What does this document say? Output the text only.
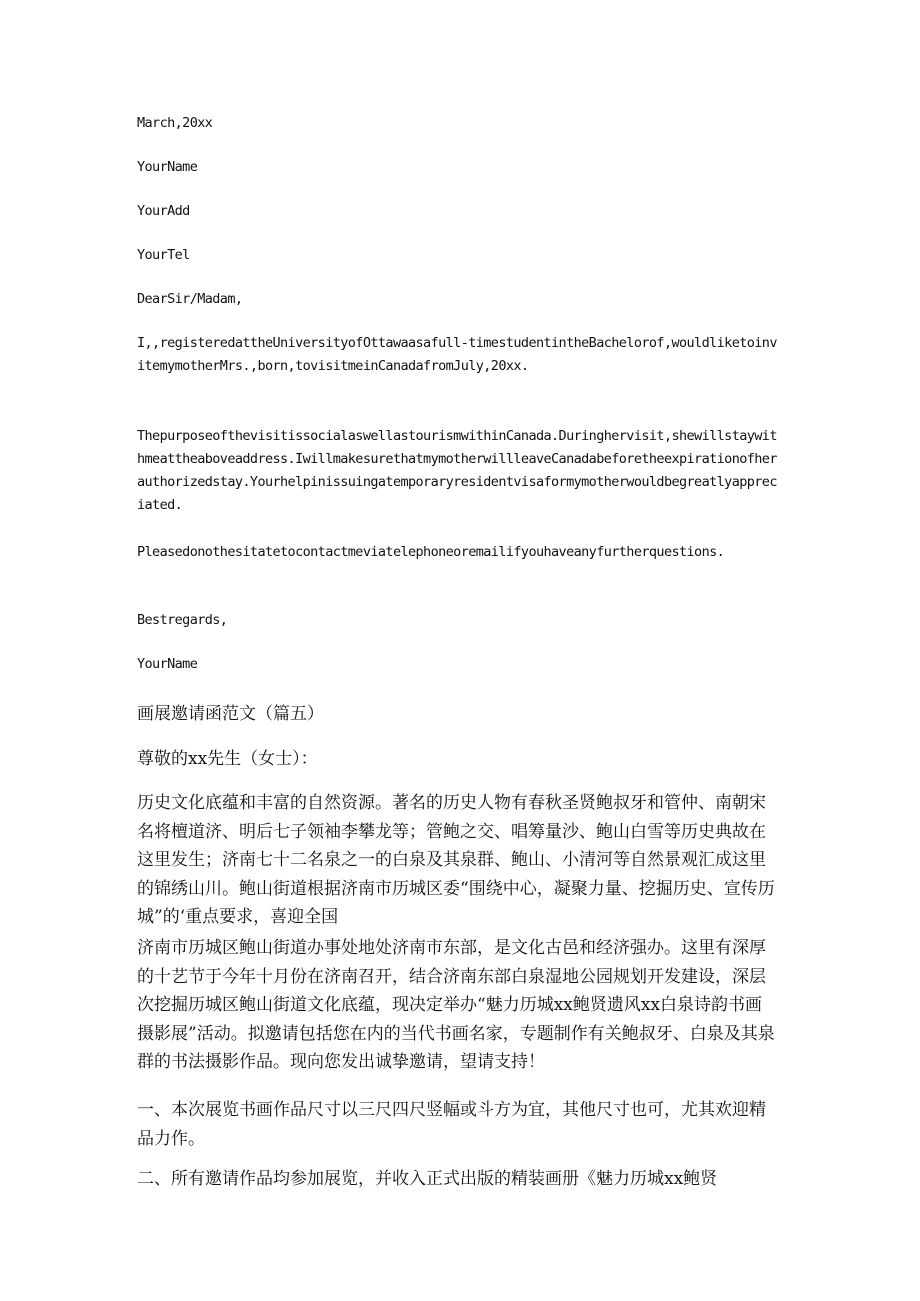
March,20xx

YourName

YourAdd

YourTel

DearSir/Madam,

I,,registeredattheUniversityofOttawaasafull-timestudentintheBachelorof,wouldliketoinvitemymotherMrs.,born,tovisitmeinCanadafromJuly,20xx.

ThepurposeofthevisitissocialaswellastourismwithinCanada.Duringhervisit,shewillstaywithmeattheaboveaddress.IwillmakesurethatmymotherwillleaveCanadabeforetheexpirationofherauthorizedstay.Yourhelpinissuingatemporaryresidentvisaformymotherwouldbegreatlyappreciated.

Pleasedonothesitatetocontactmeviatelephoneoremailifyouhaveanyfurtherquestions.

Bestregards,

YourName

画展邀请函范文（篇五）

尊敬的xx先生（女士）：

历史文化底蕴和丰富的自然资源。著名的历史人物有春秋圣贤鲍叔牙和管仲、南朝宋名将檀道济、明后七子领袖李攀龙等；管鲍之交、唱筹量沙、鲍山白雪等历史典故在这里发生；济南七十二名泉之一的白泉及其泉群、鲍山、小清河等自然景观汇成这里的锦绣山川。鲍山街道根据济南市历城区委“围绕中心，凝聚力量、挖掘历史、宣传历城”的‘重点要求，喜迎全国

济南市历城区鲍山街道办事处地处济南市东部，是文化古邑和经济强办。这里有深厚的十艺节于今年十月份在济南召开，结合济南东部白泉湿地公园规划开发建设，深层次挖掘历城区鲍山街道文化底蕴，现决定举办“魅力历城xx鲍贤遗风xx白泉诗韵书画摄影展”活动。拟邀请包括您在内的当代书画名家，专题制作有关鲍叔牙、白泉及其泉群的书法摄影作品。现向您发出诚挚邀请，望请支持！

一、本次展览书画作品尺寸以三尺四尺竖幅或斗方为宜，其他尺寸也可，尤其欢迎精品力作。

二、所有邀请作品均参加展览，并收入正式出版的精装画册《魅力历城xx鲍贤
